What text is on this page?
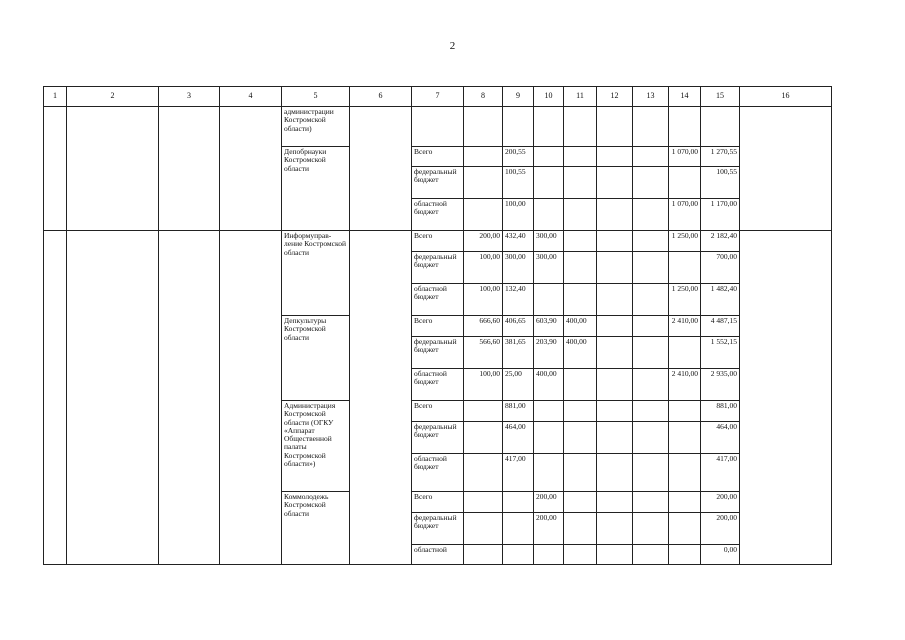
2
1	2	3	4	5	6	7	8	9	10	11	12	13	14	15	16
				администрации Костромской области)											
				Депобрнауки Костромской области		Всего		200,55					1 070,00	1 270,55	
						федеральный бюджет		100,55						100,55	
						областной бюджет		100,00					1 070,00	1 170,00	
				Информуправ-ление Костромской области		Всего	200,00	432,40	300,00				1 250,00	2 182,40	
						федеральный бюджет	100,00	300,00	300,00					700,00	
						областной бюджет	100,00	132,40					1 250,00	1 482,40	
				Депкультуры Костромской области		Всего	666,60	406,65	603,90	400,00			2 410,00	4 487,15	
						федеральный бюджет	566,60	381,65	203,90	400,00				1 552,15	
						областной бюджет	100,00	25,00	400,00				2 410,00	2 935,00	
				Администрация Костромской области (ОГКУ «Аппарат Общественной палаты Костромской области»)		Всего		881,00						881,00	
						федеральный бюджет		464,00						464,00	
						областной бюджет		417,00						417,00	
				Коммолодежь Костромской области		Всего			200,00					200,00	
						федеральный бюджет			200,00					200,00	
						областной								0,00	
